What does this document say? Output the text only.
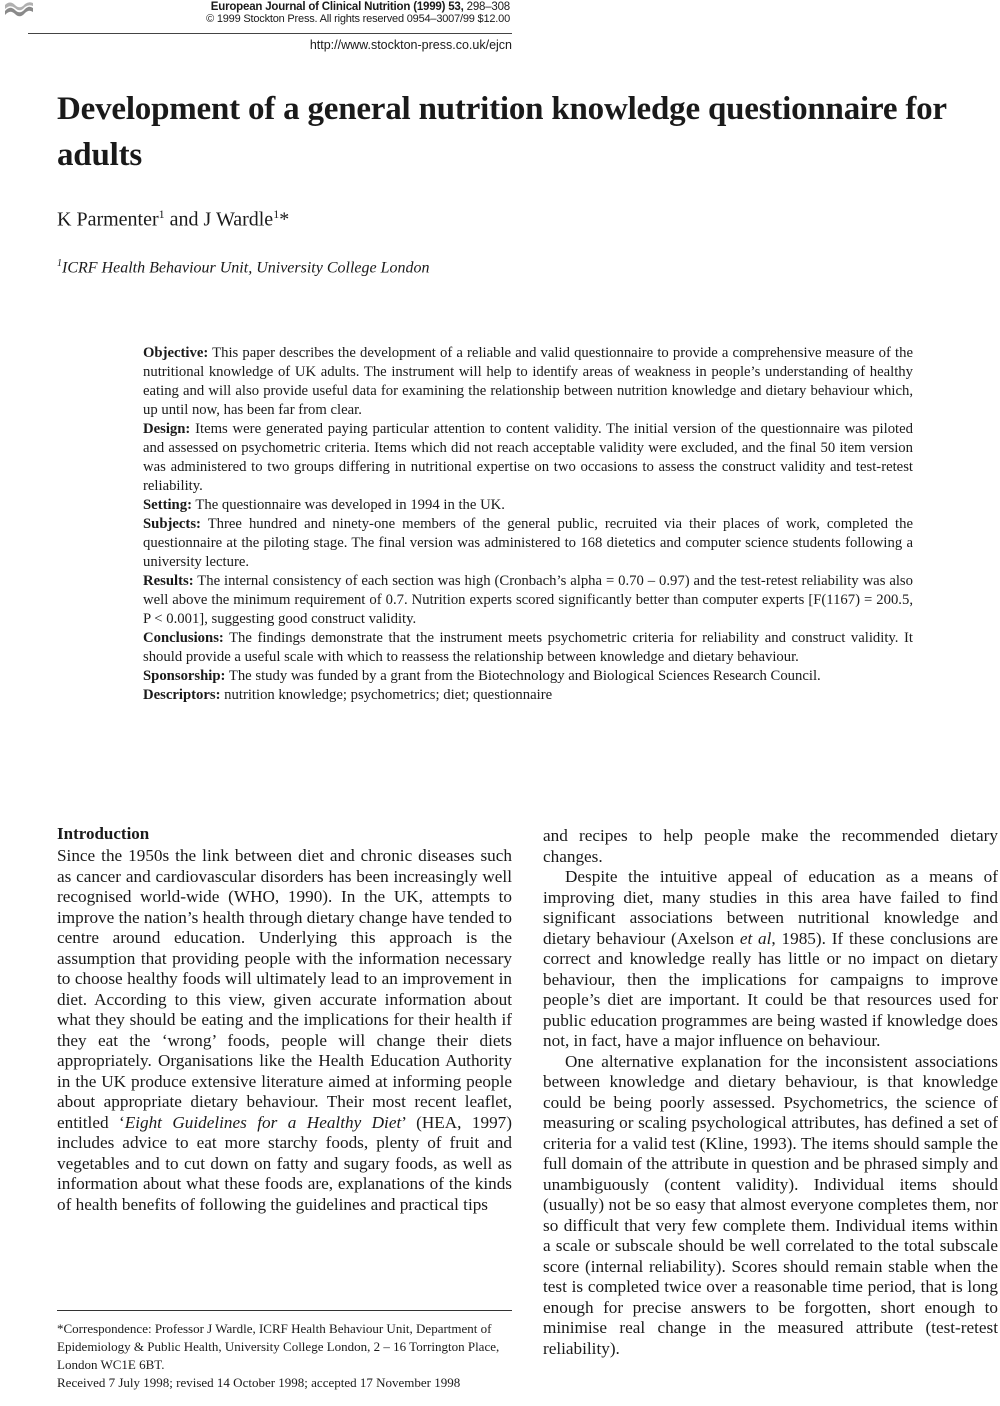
European Journal of Clinical Nutrition (1999) 53, 298–308
© 1999 Stockton Press. All rights reserved 0954–3007/99 $12.00
http://www.stockton-press.co.uk/ejcn
Development of a general nutrition knowledge questionnaire for adults
K Parmenter$^1$ and J Wardle$^1$*
$^1$ICRF Health Behaviour Unit, University College London

Objective: This paper describes the development of a reliable and valid questionnaire to provide a comprehensive measure of the nutritional knowledge of UK adults. The instrument will help to identify areas of weakness in people’s understanding of healthy eating and will also provide useful data for examining the relationship between nutrition knowledge and dietary behaviour which, up until now, has been far from clear.

Design: Items were generated paying particular attention to content validity. The initial version of the questionnaire was piloted and assessed on psychometric criteria. Items which did not reach acceptable validity were excluded, and the final 50 item version was administered to two groups differing in nutritional expertise on two occasions to assess the construct validity and test-retest reliability.

Setting: The questionnaire was developed in 1994 in the UK.

Subjects: Three hundred and ninety-one members of the general public, recruited via their places of work, completed the questionnaire at the piloting stage. The final version was administered to 168 dietetics and computer science students following a university lecture.

Results: The internal consistency of each section was high (Cronbach’s alpha = 0.70 – 0.97) and the test-retest reliability was also well above the minimum requirement of 0.7. Nutrition experts scored significantly better than computer experts [F(1167) = 200.5, P < 0.001], suggesting good construct validity.

Conclusions: The findings demonstrate that the instrument meets psychometric criteria for reliability and construct validity. It should provide a useful scale with which to reassess the relationship between knowledge and dietary behaviour.

Sponsorship: The study was funded by a grant from the Biotechnology and Biological Sciences Research Council.

Descriptors: nutrition knowledge; psychometrics; diet; questionnaire

Introduction

Since the 1950s the link between diet and chronic diseases such as cancer and cardiovascular disorders has been increasingly well recognised world-wide (WHO, 1990). In the UK, attempts to improve the nation’s health through dietary change have tended to centre around education. Underlying this approach is the assumption that providing people with the information necessary to choose healthy foods will ultimately lead to an improvement in diet. According to this view, given accurate information about what they should be eating and the implications for their health if they eat the ‘wrong’ foods, people will change their diets appropriately. Organisations like the Health Education Authority in the UK produce extensive literature aimed at informing people about appropriate dietary behaviour. Their most recent leaflet, entitled ‘Eight Guidelines for a Healthy Diet’ (HEA, 1997) includes advice to eat more starchy foods, plenty of fruit and vegetables and to cut down on fatty and sugary foods, as well as information about what these foods are, explanations of the kinds of health benefits of following the guidelines and practical tips

and recipes to help people make the recommended dietary changes.

Despite the intuitive appeal of education as a means of improving diet, many studies in this area have failed to find significant associations between nutritional knowledge and dietary behaviour (Axelson et al, 1985). If these conclusions are correct and knowledge really has little or no impact on dietary behaviour, then the implications for campaigns to improve people’s diet are important. It could be that resources used for public education programmes are being wasted if knowledge does not, in fact, have a major influence on behaviour.

One alternative explanation for the inconsistent associations between knowledge and dietary behaviour, is that knowledge could be being poorly assessed. Psychometrics, the science of measuring or scaling psychological attributes, has defined a set of criteria for a valid test (Kline, 1993). The items should sample the full domain of the attribute in question and be phrased simply and unambiguously (content validity). Individual items should (usually) not be so easy that almost everyone completes them, nor so difficult that very few complete them. Individual items within a scale or subscale should be well correlated to the total subscale score (internal reliability). Scores should remain stable when the test is completed twice over a reasonable time period, that is long enough for precise answers to be forgotten, short enough to minimise real change in the measured attribute (test-retest reliability).

*Correspondence: Professor J Wardle, ICRF Health Behaviour Unit, Department of Epidemiology & Public Health, University College London, 2 – 16 Torrington Place, London WC1E 6BT.

Received 7 July 1998; revised 14 October 1998; accepted 17 November 1998
